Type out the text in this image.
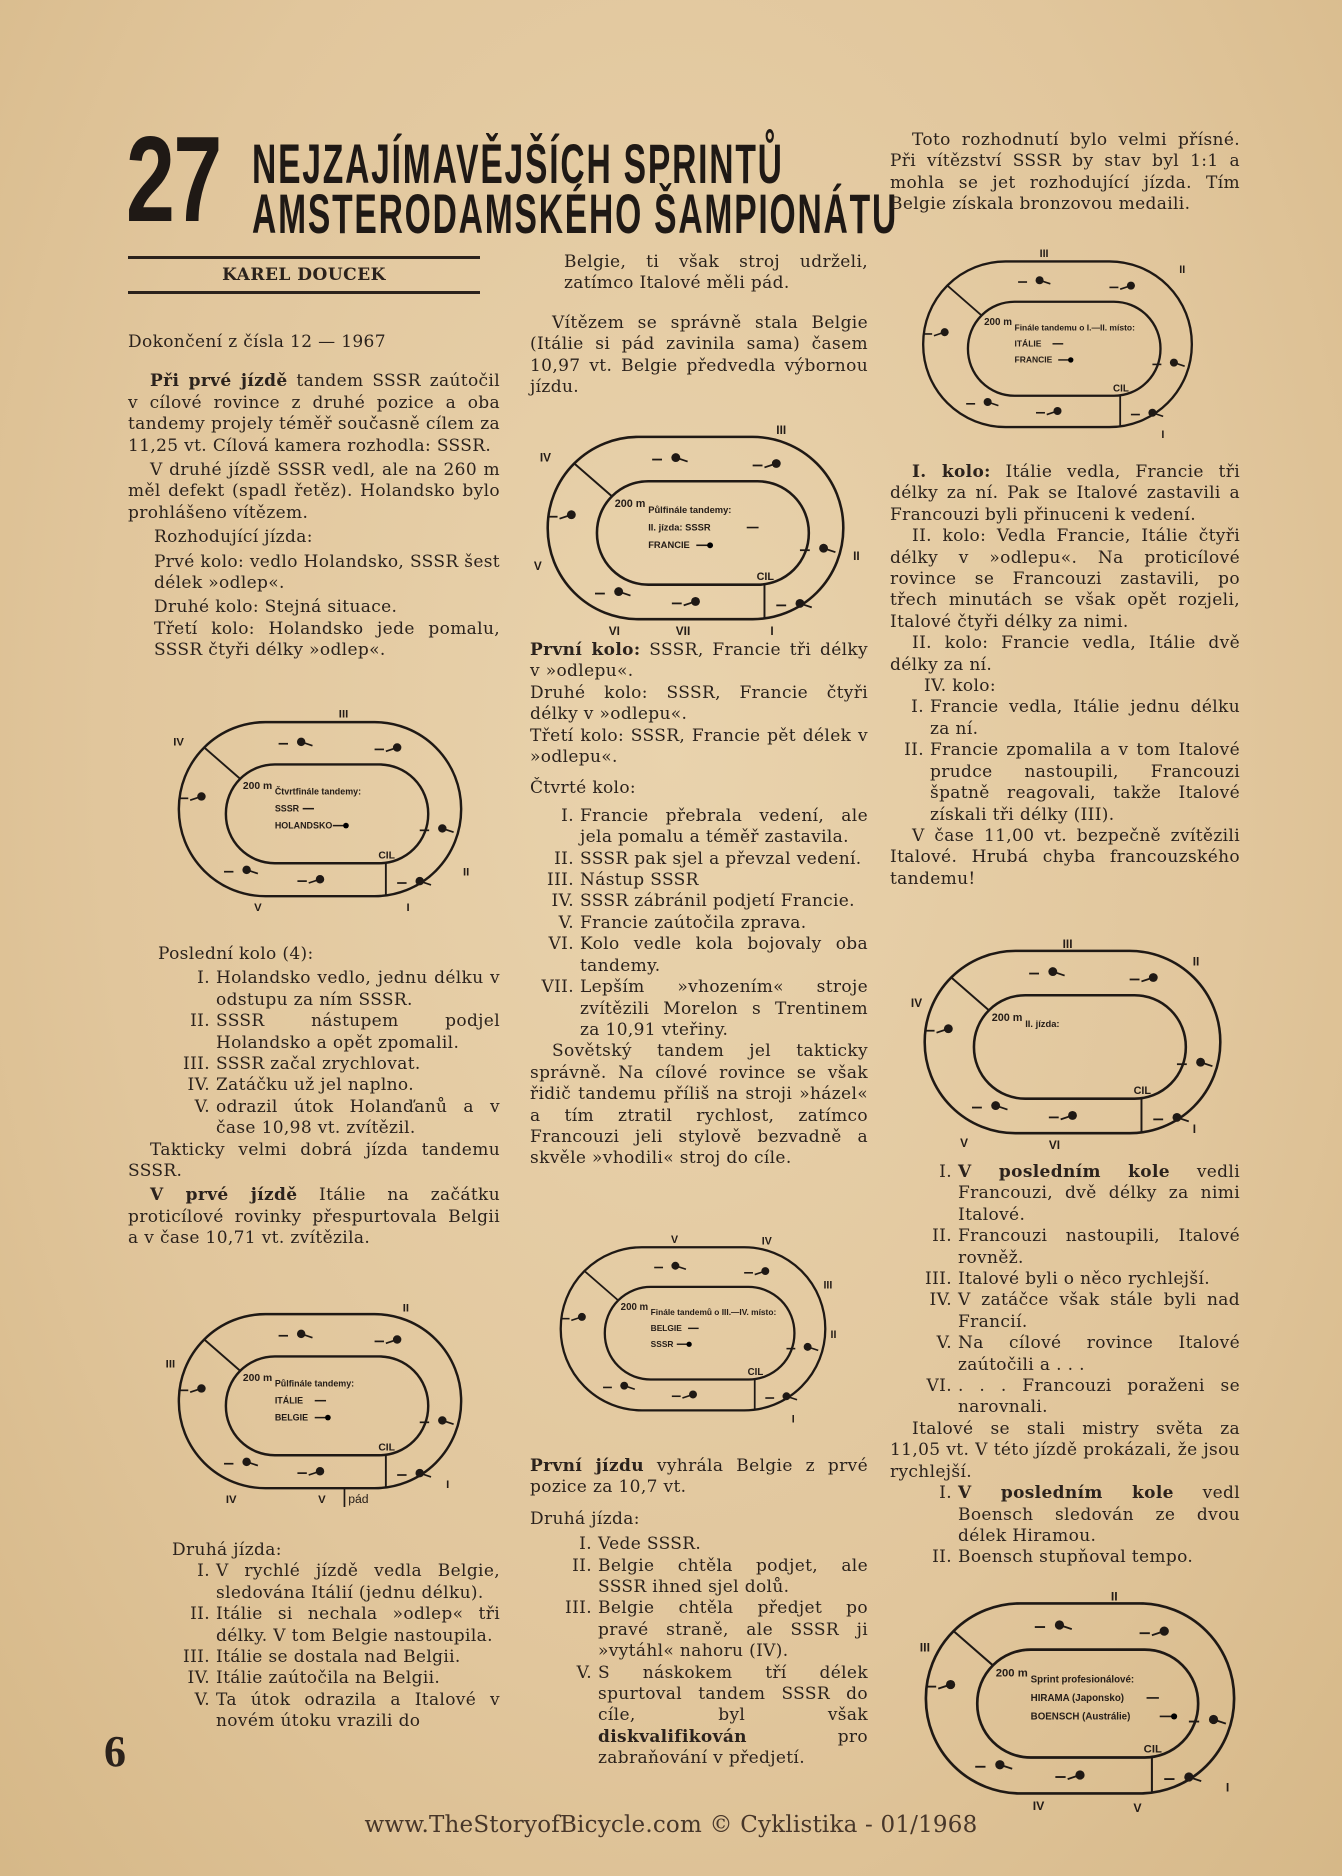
27 NEJZAJÍMAVĚJŠÍCH SPRINTŮ
AMSTERODAMSKÉHO ŠAMPIONÁTU
KAREL DOUCEK

Dokončení z čísla 12 — 1967

Při prvé jízdě tandem SSSR zaútočil v cílové rovince z druhé pozice a oba tandemy projely téměř současně cílem za 11,25 vt. Cílová kamera rozhodla: SSSR.

V druhé jízdě SSSR vedl, ale na 260 m měl defekt (spadl řetěz). Holandsko bylo prohlášeno vítězem.

Rozhodující jízda:

Prvé kolo: vedlo Holandsko, SSSR šest délek »odlep«.

Druhé kolo: Stejná situace.

Třetí kolo: Holandsko jede pomalu, SSSR čtyři délky »odlep«.

200 m
CIL
Čtvrtfinále tandemy:
SSSR
HOLANDSKO
III
IV
II
I
V

Poslední kolo (4):

I. Holandsko vedlo, jednu délku v odstupu za ním SSSR.
II. SSSR nástupem podjel Holandsko a opět zpomalil.
III. SSSR začal zrychlovat.
IV. Zatáčku už jel naplno.
V. odrazil útok Holanďanů a v čase 10,98 vt. zvítězil.

Takticky velmi dobrá jízda tandemu SSSR.

V prvé jízdě Itálie na začátku proticílové rovinky přespurtovala Belgii a v čase 10,71 vt. zvítězila.

200 m
CIL
Půlfinále tandemy:
ITÁLIE
BELGIE
II
III
IV	V
I
pád

Druhá jízda:

I. V rychlé jízdě vedla Belgie, sledována Itálií (jednu délku).
II. Itálie si nechala »odlep« tři délky. V tom Belgie nastoupila.
III. Itálie se dostala nad Belgii.
IV. Itálie zaútočila na Belgii.
V. Ta útok odrazila a Italové v novém útoku vrazili do
6

Belgie, ti však stroj udrželi, zatímco Italové měli pád.

Vítězem se správně stala Belgie (Itálie si pád zavinila sama) časem 10,97 vt. Belgie předvedla výbornou jízdu.

200 m
CIL
Půlfinále tandemy:
II. jízda: SSSR
FRANCIE
III
IV
V
II
VI	VII	I

První kolo: SSSR, Francie tři délky v »odlepu«.

Druhé kolo: SSSR, Francie čtyři délky v »odlepu«.

Třetí kolo: SSSR, Francie pět délek v »odlepu«.

Čtvrté kolo:

I. Francie přebrala vedení, ale jela pomalu a téměř zastavila.
II. SSSR pak sjel a převzal vedení.
III. Nástup SSSR
IV. SSSR zábránil podjetí Francie.
V. Francie zaútočila zprava.
VI. Kolo vedle kola bojovaly oba tandemy.
VII. Lepším »vhozením« stroje zvítězili Morelon s Trentinem za 10,91 vteřiny.

Sovětský tandem jel takticky správně. Na cílové rovince se však řidič tandemu příliš na stroji »házel« a tím ztratil rychlost, zatímco Francouzi jeli stylově bezvadně a skvěle »vhodili« stroj do cíle.

200 m
CIL
Finále tandemů o III.—IV. místo:
BELGIE
SSSR
V	IV
III
II
I

První jízdu vyhrála Belgie z prvé pozice za 10,7 vt.

Druhá jízda:

I. Vede SSSR.
II. Belgie chtěla podjet, ale SSSR ihned sjel dolů.
III. Belgie chtěla předjet po pravé straně, ale SSSR ji »vytáhl« nahoru (IV).
V. S náskokem tří délek spurtoval tandem SSSR do cíle, byl však diskvalifikován pro zabraňování v předjetí.

Toto rozhodnutí bylo velmi přísné. Při vítězství SSSR by stav byl 1:1 a mohla se jet rozhodující jízda. Tím Belgie získala bronzovou medaili.

200 m
CIL
Finále tandemu o I.—II. místo:
ITÁLIE
FRANCIE
III
II
I

I. kolo: Itálie vedla, Francie tři délky za ní. Pak se Italové zastavili a Francouzi byli přinuceni k vedení.

II. kolo: Vedla Francie, Itálie čtyři délky v »odlepu«. Na proticílové rovince se Francouzi zastavili, po třech minutách se však opět rozjeli, Italové čtyři délky za nimi.

II. kolo: Francie vedla, Itálie dvě délky za ní.

IV. kolo:

I. Francie vedla, Itálie jednu délku za ní.
II. Francie zpomalila a v tom Italové prudce nastoupili, Francouzi špatně reagovali, takže Italové získali tři délky (III).

V čase 11,00 vt. bezpečně zvítězili Italové. Hrubá chyba francouzského tandemu!

200 m
CIL
II. jízda:
III
II
IV
V	VI
I
I. V posledním kole vedli Francouzi, dvě délky za nimi Italové.
II. Francouzi nastoupili, Italové rovněž.
III. Italové byli o něco rychlejší.
IV. V zatáčce však stále byli nad Francií.
V. Na cílové rovince Italové zaútočili a . . .
VI. . . . Francouzi poraženi se narovnali.

Italové se stali mistry světa za 11,05 vt. V této jízdě prokázali, že jsou rychlejší.

I. V posledním kole vedl Boensch sledován ze dvou délek Hiramou.
II. Boensch stupňoval tempo.
200 m
CIL
Sprint profesionálové:
HIRAMA (Japonsko)
BOENSCH (Austrálie)
II
III
IV	V
I
www.TheStoryofBicycle.com © Cyklistika - 01/1968
